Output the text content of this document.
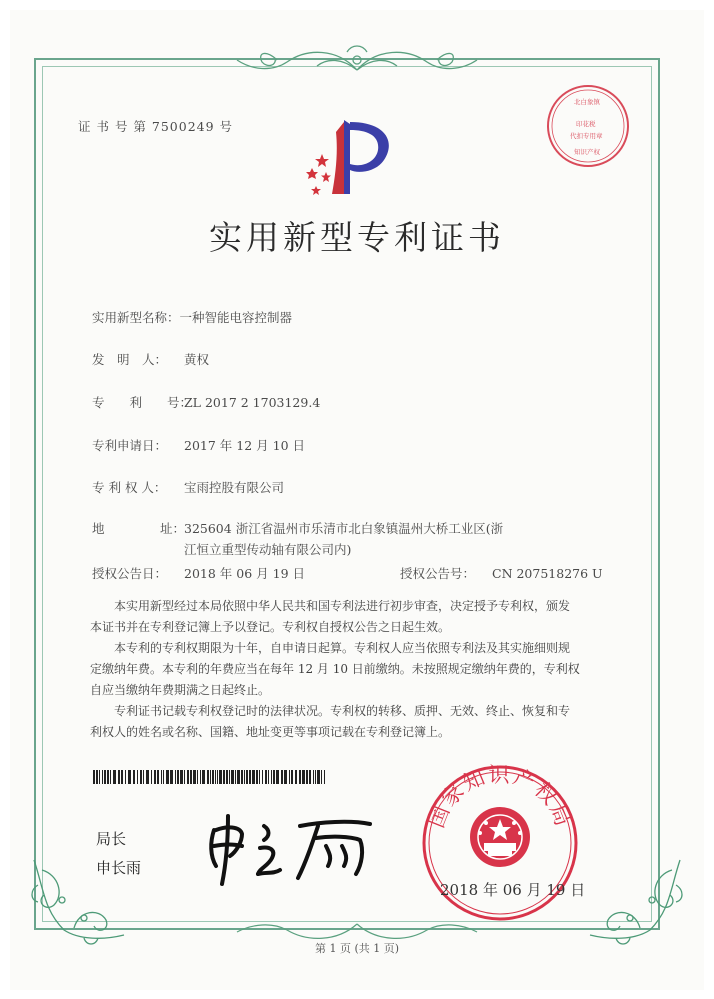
证 书 号 第 7500249 号
北白象镇
印花税
代扣专用章
知识产权
实用新型专利证书
实用新型名称：一种智能电容控制器
发　明　人： 黄权
专　　利　　号：ZL 2017 2 1703129.4
专利申请日： 2017 年 12 月 10 日
专 利 权 人： 宝雨控股有限公司
地	址：
325604 浙江省温州市乐清市北白象镇温州大桥工业区(浙
江恒立重型传动轴有限公司内)
授权公告日： 2018 年 06 月 19 日	授权公告号： CN 207518276 U
本实用新型经过本局依照中华人民共和国专利法进行初步审查，决定授予专利权，颁发
本证书并在专利登记簿上予以登记。专利权自授权公告之日起生效。
本专利的专利权期限为十年，自申请日起算。专利权人应当依照专利法及其实施细则规
定缴纳年费。本专利的年费应当在每年 12 月 10 日前缴纳。未按照规定缴纳年费的，专利权
自应当缴纳年费期满之日起终止。
专利证书记载专利权登记时的法律状况。专利权的转移、质押、无效、终止、恢复和专
利权人的姓名或名称、国籍、地址变更等事项记载在专利登记簿上。
局长
申长雨
国家知识产权局
2018 年 06 月 19 日
第 1 页 (共 1 页)
